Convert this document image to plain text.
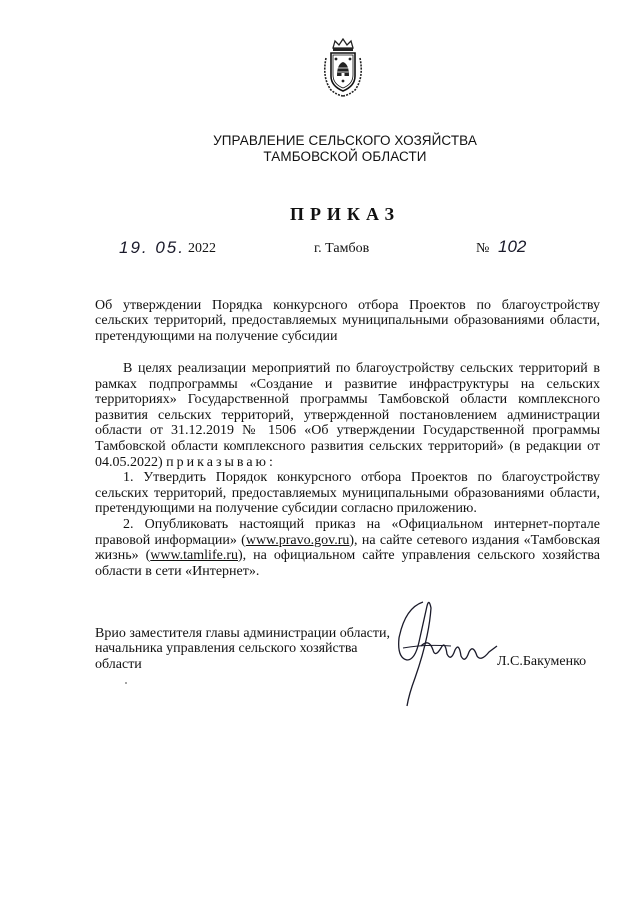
УПРАВЛЕНИЕ СЕЛЬСКОГО ХОЗЯЙСТВА
ТАМБОВСКОЙ ОБЛАСТИ
ПРИКАЗ
19. 05. 2022	г. Тамбов	№ 102
Об утверждении Порядка конкурсного отбора Проектов по благоустройству сельских территорий, предоставляемых муниципальными образованиями области, претендующими на получение субсидии

В целях реализации мероприятий по благоустройству сельских территорий в рамках подпрограммы «Создание и развитие инфраструктуры на сельских территориях» Государственной программы Тамбовской области комплексного развития сельских территорий, утвержденной постановлением администрации области от 31.12.2019 № 1506 «Об утверждении Государственной программы Тамбовской области комплексного развития сельских территорий» (в редакции от 04.05.2022) приказываю:

1. Утвердить Порядок конкурсного отбора Проектов по благоустройству сельских территорий, предоставляемых муниципальными образованиями области, претендующими на получение субсидии согласно приложению.

2. Опубликовать настоящий приказ на «Официальном интернет-портале правовой информации» (www.pravo.gov.ru), на сайте сетевого издания «Тамбовская жизнь» (www.tamlife.ru), на официальном сайте управления сельского хозяйства области в сети «Интернет».

Врио заместителя главы администрации области, начальника управления сельского хозяйства области	Л.С.Бакуменко
